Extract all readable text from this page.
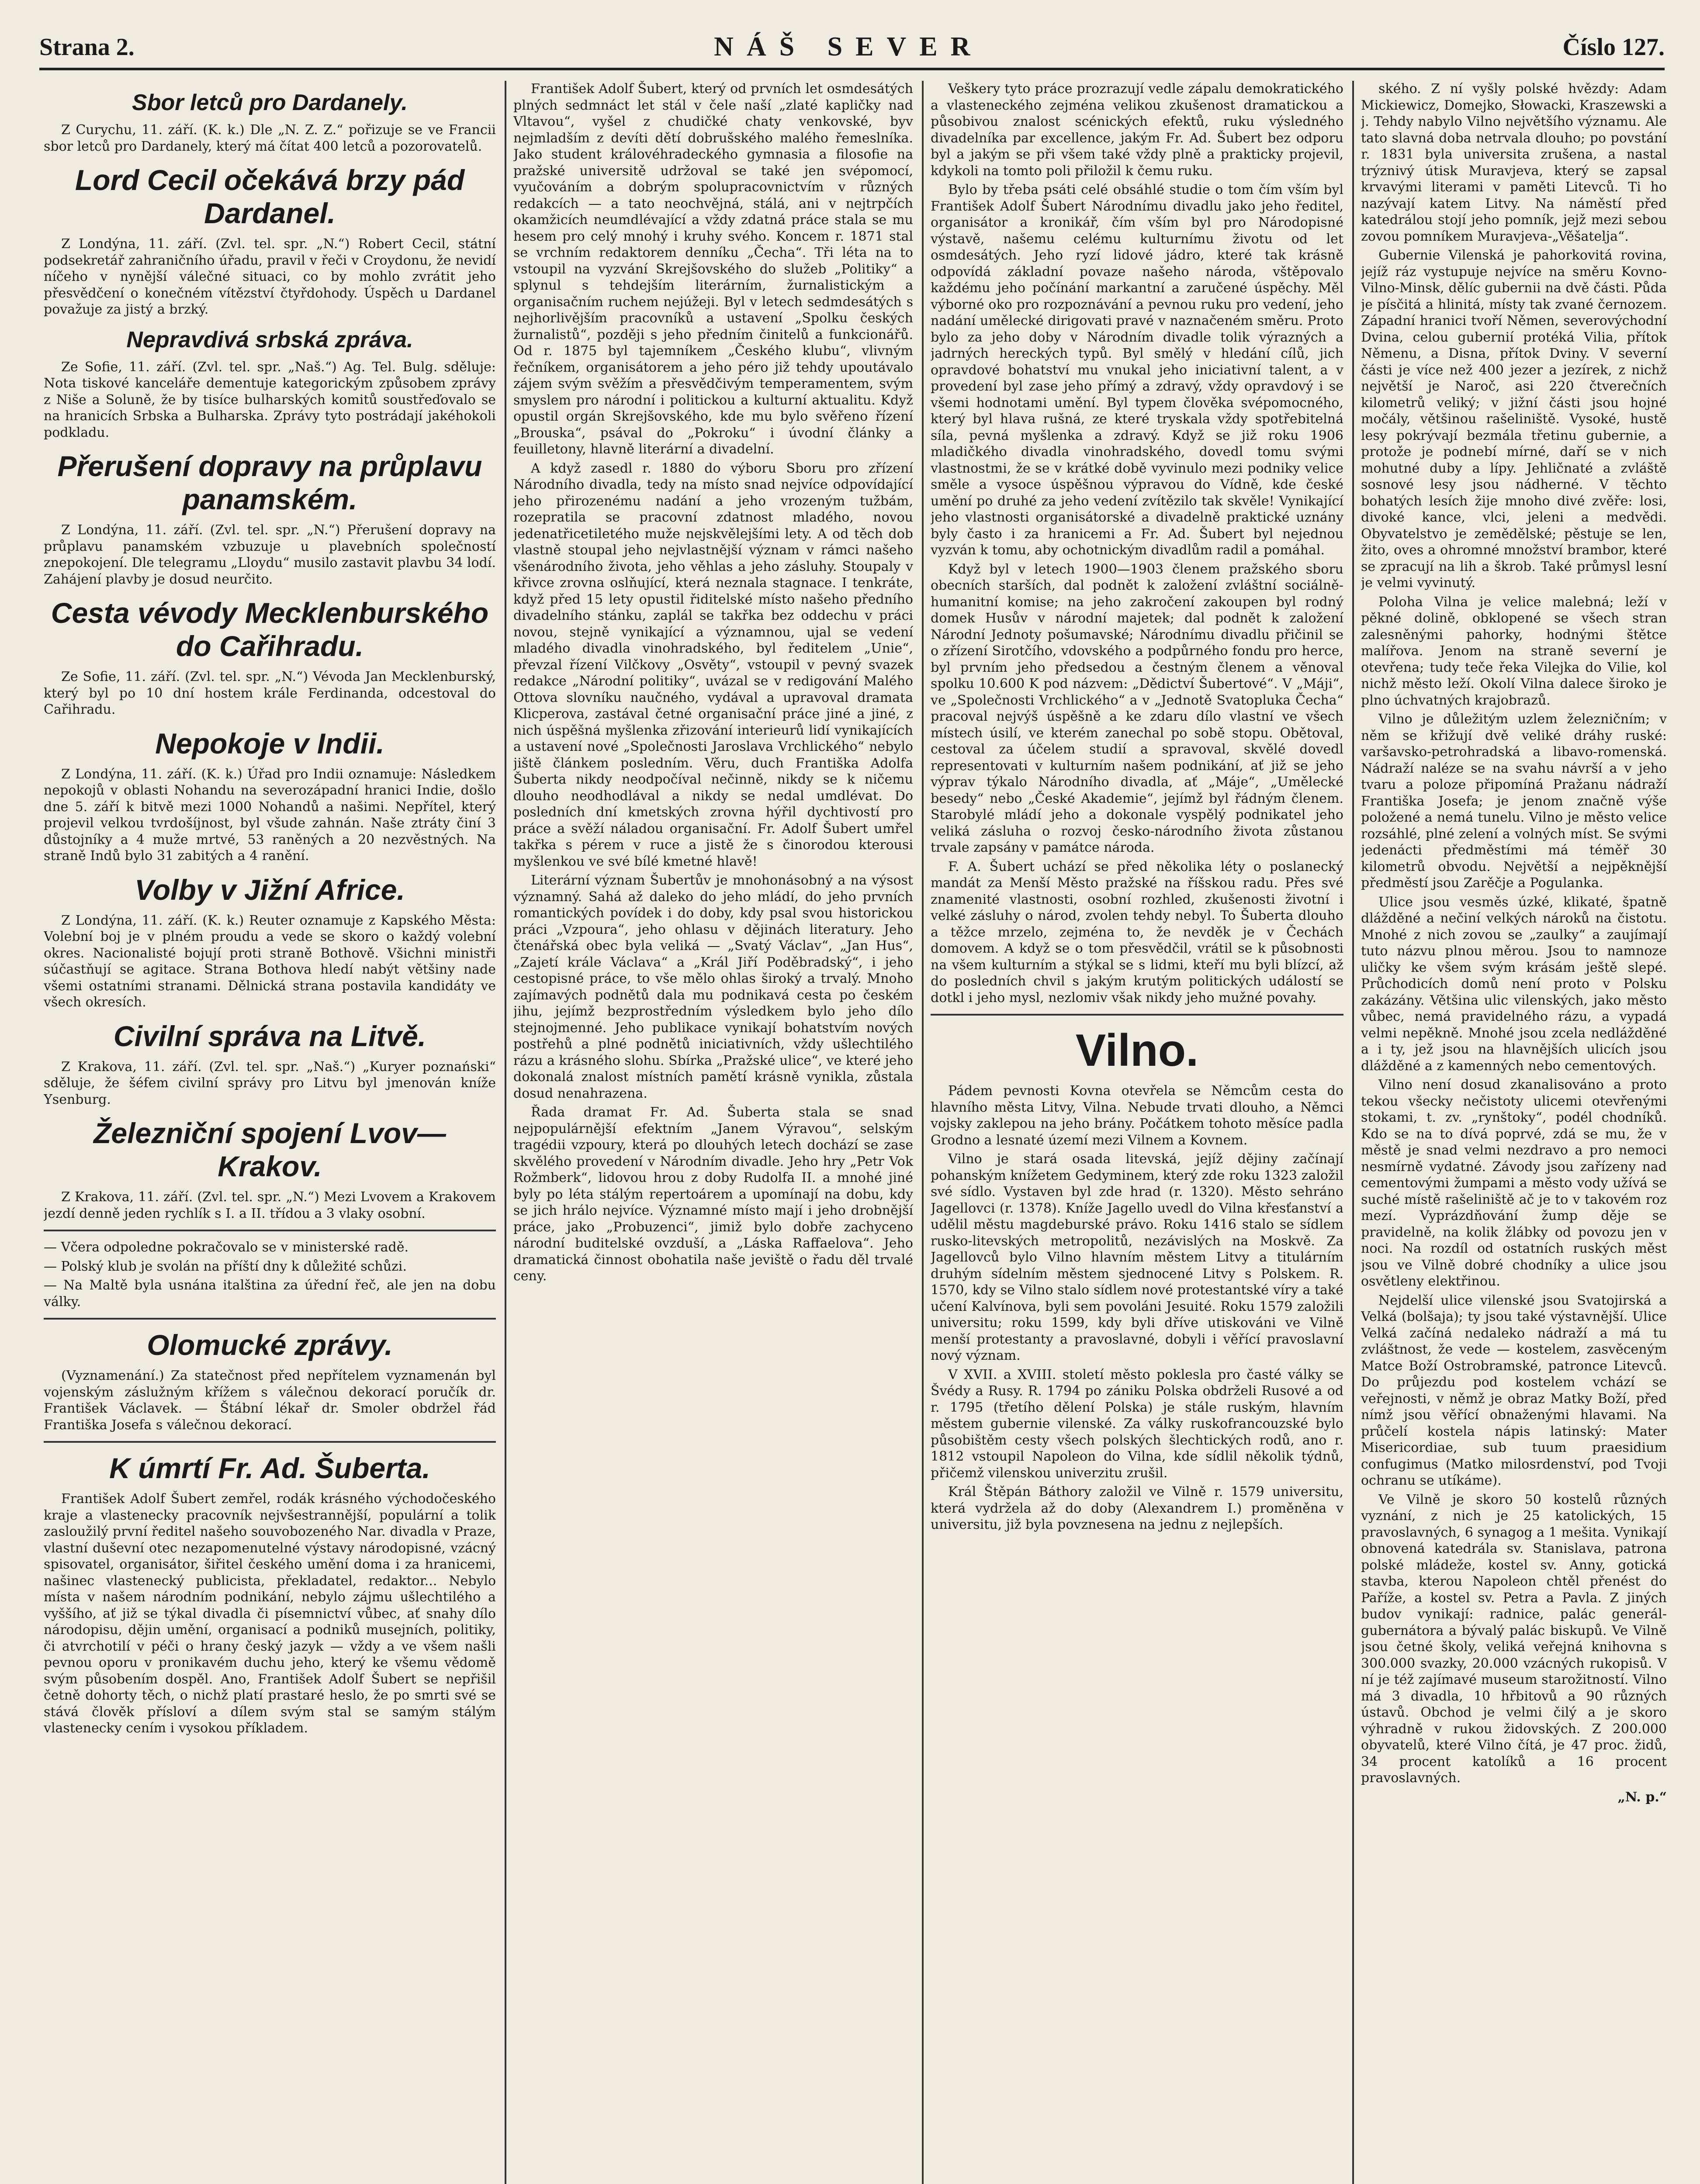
Strana 2.	NÁŠ SEVER	Číslo 127.
Sbor letců pro Dardanely.

Z Curychu, 11. září. (K. k.) Dle „N. Z. Z.“ pořizuje se ve Francii sbor letců pro Dardanely, který má čítat 400 letců a pozorovatelů.

Lord Cecil očekává brzy pád Dardanel.

Z Londýna, 11. září. (Zvl. tel. spr. „N.“) Robert Cecil, státní podsekretář zahraničního úřadu, pravil v řeči v Croydonu, že nevidí níčeho v nynější válečné situaci, co by mohlo zvrátit jeho přesvědčení o konečném vítězství čtyřdohody. Úspěch u Dardanel považuje za jistý a brzký.

Nepravdivá srbská zpráva.

Ze Sofie, 11. září. (Zvl. tel. spr. „Naš.“) Ag. Tel. Bulg. sděluje: Nota tiskové kanceláře dementuje kategorickým způsobem zprávy z Niše a Soluně, že by tisíce bulharských komitů soustřeďovalo se na hranicích Srbska a Bulharska. Zprávy tyto postrádají jakéhokoli podkladu.

Přerušení dopravy na průplavu panamském.

Z Londýna, 11. září. (Zvl. tel. spr. „N.“) Přerušení dopravy na průplavu panamském vzbuzuje u plavebních společností znepokojení. Dle telegramu „Lloydu“ musilo zastavit plavbu 34 lodí. Zahájení plavby je dosud neurčito.

Cesta vévody Mecklenburského do Cařihradu.

Ze Sofie, 11. září. (Zvl. tel. spr. „N.“) Vévoda Jan Mecklenburský, který byl po 10 dní hostem krále Ferdinanda, odcestoval do Cařihradu.

Nepokoje v Indii.

Z Londýna, 11. září. (K. k.) Úřad pro Indii oznamuje: Následkem nepokojů v oblasti Nohandu na severozápadní hranici Indie, došlo dne 5. září k bitvě mezi 1000 Nohandů a našimi. Nepřítel, který projevil velkou tvrdošíjnost, byl všude zahnán. Naše ztráty činí 3 důstojníky a 4 muže mrtvé, 53 raněných a 20 nezvěstných. Na straně Indů bylo 31 zabitých a 4 ranění.

Volby v Jižní Africe.

Z Londýna, 11. září. (K. k.) Reuter oznamuje z Kapského Města: Volební boj je v plném proudu a vede se skoro o každý volební okres. Nacionalisté bojují proti straně Bothově. Všichni ministři súčastňují se agitace. Strana Bothova hledí nabýt většiny nade všemi ostatními stranami. Dělnická strana postavila kandidáty ve všech okresích.

Civilní správa na Litvě.

Z Krakova, 11. září. (Zvl. tel. spr. „Naš.“) „Kuryer poznański“ sděluje, že šéfem civilní správy pro Litvu byl jmenován kníže Ysenburg.

Železniční spojení Lvov—Krakov.

Z Krakova, 11. září. (Zvl. tel. spr. „N.“) Mezi Lvovem a Krakovem jezdí denně jeden rychlík s I. a II. třídou a 3 vlaky osobní.

— Včera odpoledne pokračovalo se v ministerské radě.

— Polský klub je svolán na příští dny k důležité schůzi.

— Na Maltě byla usnána italština za úřední řeč, ale jen na dobu války.

Olomucké zprávy.

(Vyznamenání.) Za statečnost před nepřítelem vyznamenán byl vojenským záslužným křížem s válečnou dekorací poručík dr. František Václavek. — Štábní lékař dr. Smoler obdržel řád Františka Josefa s válečnou dekorací.

K úmrtí Fr. Ad. Šuberta.

František Adolf Šubert zemřel, rodák krásného východočeského kraje a vlastenecky pracovník nejvšestrannější, populární a tolik zasloužilý první ředitel našeho souvobozeného Nar. divadla v Praze, vlastní duševní otec nezapomenutelné výstavy národopisné, vzácný spisovatel, organisátor, šiřitel českého umění doma i za hranicemi, našinec vlastenecký publicista, překladatel, redaktor... Nebylo místa v našem národním podnikání, nebylo zájmu ušlechtilého a vyššího, ať již se týkal divadla či písemnictví vůbec, ať snahy dílo národopisu, dějin umění, organisací a podniků musejních, politiky, či atvrchotilí v péči o hrany český jazyk — vždy a ve všem našli pevnou oporu v pronikavém duchu jeho, který ke všemu vědomě svým působením dospěl. Ano, František Adolf Šubert se nepřišil četně dohorty těch, o nichž platí prastaré heslo, že po smrti své se stává člověk přísloví a dílem svým stal se samým stálým vlastenecky cením i vysokou příkladem.

František Adolf Šubert, který od prvních let osmdesátých plných sedmnáct let stál v čele naší „zlaté kapličky nad Vltavou“, vyšel z chudičké chaty venkovské, byv nejmladším z devíti dětí dobrušského malého řemeslníka. Jako student královéhradeckého gymnasia a filosofie na pražské universitě udržoval se také jen svépomocí, vyučováním a dobrým spolupracovnictvím v různých redakcích — a tato neochvějná, stálá, ani v nejtrpčích okamžicích neumdlévající a vždy zdatná práce stala se mu hesem pro celý mnohý i kruhy svého. Koncem r. 1871 stal se vrchním redaktorem denníku „Čecha“. Tři léta na to vstoupil na vyzvání Skrejšovského do služeb „Politiky“ a splynul s tehdejším literárním, žurnalistickým a organisačním ruchem nejúžeji. Byl v letech sedmdesátých s nejhorlivějším pracovníků a ustavení „Spolku českých žurnalistů“, později s jeho předním činitelů a funkcionářů. Od r. 1875 byl tajemníkem „Českého klubu“, vlivným řečníkem, organisátorem a jeho péro již tehdy upoutávalo zájem svým svěžím a přesvědčivým temperamentem, svým smyslem pro národní i politickou a kulturní aktualitu. Když opustil orgán Skrejšovského, kde mu bylo svěřeno řízení „Brouska“, psával do „Pokroku“ i úvodní články a feuilletony, hlavně literární a divadelní.

A když zasedl r. 1880 do výboru Sboru pro zřízení Národního divadla, tedy na místo snad nejvíce odpovídající jeho přirozenému nadání a jeho vrozeným tužbám, rozepratila se pracovní zdatnost mladého, novou jedenatřicetiletého muže nejskvělejšími lety. A od těch dob vlastně stoupal jeho nejvlastnější význam v rámci našeho všenárodního života, jeho věhlas a jeho zásluhy. Stoupaly v křivce zrovna oslňující, která neznala stagnace. I tenkráte, když před 15 lety opustil řiditelské místo našeho předního divadelního stánku, zaplál se takřka bez oddechu v práci novou, stejně vynikající a významnou, ujal se vedení mladého divadla vinohradského, byl ředitelem „Unie“, převzal řízení Vilčkovy „Osvěty“, vstoupil v pevný svazek redakce „Národní politiky“, uvázal se v redigování Malého Ottova slovníku naučného, vydával a upravoval dramata Klicperova, zastával četné organisační práce jiné a jiné, z nich úspěšná myšlenka zřizování interieurů lidí vynikajících a ustavení nové „Společnosti Jaroslava Vrchlického“ nebylo jiště článkem posledním. Věru, duch Františka Adolfa Šuberta nikdy neodpočíval nečinně, nikdy se k ničemu dlouho neodhodlával a nikdy se nedal umdlévat. Do posledních dní kmetských zrovna hýřil dychtivostí pro práce a svěží náladou organisační. Fr. Adolf Šubert umřel takřka s pérem v ruce a jistě že s činorodou kterousi myšlenkou ve své bílé kmetné hlavě!

Literární význam Šubertův je mnohonásobný a na výsost významný. Sahá až daleko do jeho mládí, do jeho prvních romantických povídek i do doby, kdy psal svou historickou práci „Vzpoura“, jeho ohlasu v dějinách literatury. Jeho čtenářská obec byla veliká — „Svatý Václav“, „Jan Hus“, „Zajetí krále Václava“ a „Král Jiří Poděbradský“, i jeho cestopisné práce, to vše mělo ohlas široký a trvalý. Mnoho zajímavých podnětů dala mu podnikavá cesta po českém jihu, jejímž bezprostředním výsledkem bylo jeho dílo stejnojmenné. Jeho publikace vynikají bohatstvím nových postřehů a plné podnětů iniciativních, vždy ušlechtilého rázu a krásného slohu. Sbírka „Pražské ulice“, ve které jeho dokonalá znalost místních pamětí krásně vynikla, zůstala dosud nenahrazena.

Řada dramat Fr. Ad. Šuberta stala se snad nejpopulárnější efektním „Janem Výravou“, selským tragédii vzpoury, která po dlouhých letech dochází se zase skvělého provedení v Národním divadle. Jeho hry „Petr Vok Rožmberk“, lidovou hrou z doby Rudolfa II. a mnohé jiné byly po léta stálým repertoárem a upomínají na dobu, kdy se jich hrálo nejvíce. Významné místo mají i jeho drobnější práce, jako „Probuzenci“, jimiž bylo dobře zachyceno národní buditelské ovzduší, a „Láska Raffaelova“. Jeho dramatická činnost obohatila naše jeviště o řadu děl trvalé ceny.

Veškery tyto práce prozrazují vedle zápalu demokratického a vlasteneckého zejména velikou zkušenost dramatickou a působivou znalost scénických efektů, ruku výsledného divadelníka par excellence, jakým Fr. Ad. Šubert bez odporu byl a jakým se při všem také vždy plně a prakticky projevil, kdykoli na tomto poli přiložil k čemu ruku.

Bylo by třeba psáti celé obsáhlé studie o tom čím vším byl František Adolf Šubert Národnímu divadlu jako jeho ředitel, organisátor a kronikář, čím vším byl pro Národopisné výstavě, našemu celému kulturnímu životu od let osmdesátých. Jeho ryzí lidové jádro, které tak krásně odpovídá základní povaze našeho národa, vštěpovalo každému jeho počínání markantní a zaručené úspěchy. Měl výborné oko pro rozpoznávání a pevnou ruku pro vedení, jeho nadání umělecké dirigovati pravé v naznačeném směru. Proto bylo za jeho doby v Národním divadle tolik výrazných a jadrných hereckých typů. Byl smělý v hledání cílů, jich opravdové bohatství mu vnukal jeho iniciativní talent, a v provedení byl zase jeho přímý a zdravý, vždy opravdový i se všemi hodnotami umění. Byl typem člověka svépomocného, který byl hlava rušná, ze které tryskala vždy spotřebitelná síla, pevná myšlenka a zdravý. Když se již roku 1906 mladičkého divadla vinohradského, dovedl tomu svými vlastnostmi, že se v krátké době vyvinulo mezi podniky velice směle a vysoce úspěšnou výpravou do Vídně, kde české umění po druhé za jeho vedení zvítězilo tak skvěle! Vynikající jeho vlastnosti organisátorské a divadelně praktické uznány byly často i za hranicemi a Fr. Ad. Šubert byl nejednou vyzván k tomu, aby ochotnickým divadlům radil a pomáhal.

Když byl v letech 1900—1903 členem pražského sboru obecních starších, dal podnět k založení zvláštní sociálně-humanitní komise; na jeho zakročení zakoupen byl rodný domek Husův v národní majetek; dal podnět k založení Národní Jednoty pošumavské; Národnímu divadlu přičinil se o zřízení Sirotčího, vdovského a podpůrného fondu pro herce, byl prvním jeho předsedou a čestným členem a věnoval spolku 10.600 K pod názvem: „Dědictví Šubertové“. V „Máji“, ve „Společnosti Vrchlického“ a v „Jednotě Svatopluka Čecha“ pracoval nejvýš úspěšně a ke zdaru dílo vlastní ve všech místech úsilí, ve kterém zanechal po sobě stopu. Obětoval, cestoval za účelem studií a spravoval, skvělé dovedl representovati v kulturním našem podnikání, ať již se jeho výprav týkalo Národního divadla, ať „Máje“, „Umělecké besedy“ nebo „České Akademie“, jejímž byl řádným členem. Starobylé mládí jeho a dokonale vyspělý podnikatel jeho veliká zásluha o rozvoj česko-národního života zůstanou trvale zapsány v památce národa.

F. A. Šubert uchází se před několika léty o poslanecký mandát za Menší Město pražské na říšskou radu. Přes své znamenité vlastnosti, osobní rozhled, zkušenosti životní i velké zásluhy o národ, zvolen tehdy nebyl. To Šuberta dlouho a těžce mrzelo, zejména to, že nevděk je v Čechách domovem. A když se o tom přesvědčil, vrátil se k působnosti na všem kulturním a stýkal se s lidmi, kteří mu byli blízcí, až do posledních chvil s jakým krutým politických událostí se dotkl i jeho mysl, nezlomiv však nikdy jeho mužné povahy.

Vilno.

Pádem pevnosti Kovna otevřela se Němcům cesta do hlavního města Litvy, Vilna. Nebude trvati dlouho, a Němci vojsky zaklepou na jeho brány. Počátkem tohoto měsíce padla Grodno a lesnaté území mezi Vilnem a Kovnem.

Vilno je stará osada litevská, jejíž dějiny začínají pohanským knížetem Gedyminem, který zde roku 1323 založil své sídlo. Vystaven byl zde hrad (r. 1320). Město sehráno Jagellovci (r. 1378). Kníže Jagello uvedl do Vilna křesťanství a udělil městu magdeburské právo. Roku 1416 stalo se sídlem rusko-litevských metropolitů, nezávislých na Moskvě. Za Jagellovců bylo Vilno hlavním městem Litvy a titulárním druhým sídelním městem sjednocené Litvy s Polskem. R. 1570, kdy se Vilno stalo sídlem nové protestantské víry a také učení Kalvínova, byli sem povoláni Jesuité. Roku 1579 založili universitu; roku 1599, kdy byli dříve utiskováni ve Vilně menší protestanty a pravoslavné, dobyli i věřící pravoslavní nový význam.

V XVII. a XVIII. století město poklesla pro časté války se Švédy a Rusy. R. 1794 po zániku Polska obdrželi Rusové a od r. 1795 (třetího dělení Polska) je stále ruským, hlavním městem gubernie vilenské. Za války ruskofrancouzské bylo působištěm cesty všech polských šlechtických rodů, ano r. 1812 vstoupil Napoleon do Vilna, kde sídlil několik týdnů, přičemž vilenskou univerzitu zrušil.

Král Štěpán Báthory založil ve Vilně r. 1579 universitu, která vydržela až do doby (Alexandrem I.) proměněna v universitu, již byla povznesena na jednu z nejlepších.

ského. Z ní vyšly polské hvězdy: Adam Mickiewicz, Domejko, Słowacki, Kraszewski a j. Tehdy nabylo Vilno největšího významu. Ale tato slavná doba netrvala dlouho; po povstání r. 1831 byla universita zrušena, a nastal trýznivý útisk Muravjeva, který se zapsal krvavými literami v paměti Litevců. Ti ho nazývají katem Litvy. Na náměstí před katedrálou stojí jeho pomník, jejž mezi sebou zovou pomníkem Muravjeva-„Věšatelja“.

Gubernie Vilenská je pahorkovitá rovina, jejíž ráz vystupuje nejvíce na směru Kovno-Vilno-Minsk, dělíc gubernii na dvě části. Půda je písčitá a hlinitá, místy tak zvané černozem. Západní hranici tvoří Němen, severovýchodní Dvina, celou gubernií protéká Vilia, přítok Němenu, a Disna, přítok Dviny. V severní části je více než 400 jezer a jezírek, z nichž největší je Naroč, asi 220 čtverečních kilometrů veliký; v jižní části jsou hojné močály, většinou rašeliniště. Vysoké, hustě lesy pokrývají bezmála třetinu gubernie, a protože je podnebí mírné, daří se v nich mohutné duby a lípy. Jehličnaté a zvláště sosnové lesy jsou nádherné. V těchto bohatých lesích žije mnoho divé zvěře: losi, divoké kance, vlci, jeleni a medvědi. Obyvatelstvo je zemědělské; pěstuje se len, žito, oves a ohromné množství brambor, které se zpracují na lih a škrob. Také průmysl lesní je velmi vyvinutý.

Poloha Vilna je velice malebná; leží v pěkné dolině, obklopené se všech stran zalesněnými pahorky, hodnými štětce malířova. Jenom na straně severní je otevřena; tudy teče řeka Vilejka do Vilie, kol nichž město leží. Okolí Vilna dalece široko je plno úchvatných krajobrazů.

Vilno je důležitým uzlem železničním; v něm se křižují dvě veliké dráhy ruské: varšavsko-petrohradská a libavo-romenská. Nádraží naléze se na svahu návrší a v jeho tvaru a poloze připomíná Pražanu nádraží Františka Josefa; je jenom značně výše položené a nemá tunelu. Vilno je město velice rozsáhlé, plné zelení a volných míst. Se svými jedenácti předměstími má téměř 30 kilometrů obvodu. Největší a nejpěknější předměstí jsou Zarěčje a Pogulanka.

Ulice jsou vesměs úzké, klikaté, špatně dlážděné a nečiní velkých nároků na čistotu. Mnohé z nich zovou se „zaulky“ a zaujímají tuto názvu plnou měrou. Jsou to namnoze uličky ke všem svým krásám ještě slepé. Průchodicích domů není proto v Polsku zakázány. Většina ulic vilenských, jako město vůbec, nemá pravidelného rázu, a vypadá velmi nepěkně. Mnohé jsou zcela nedlážděné a i ty, jež jsou na hlavnějších ulicích jsou dlážděné a z kamenných nebo cementových.

Vilno není dosud zkanalisováno a proto tekou všecky nečistoty ulicemi otevřenými stokami, t. zv. „rynštoky“, podél chodníků. Kdo se na to dívá poprvé, zdá se mu, že v městě je snad velmi nezdravo a pro nemoci nesmírně vydatné. Závody jsou zařízeny nad cementovými žumpami a město vody užívá se suché místě rašeliniště ač je to v takovém roz mezí. Vyprázdňování žump děje se pravidelně, na kolik žlábky od povozu jen v noci. Na rozdíl od ostatních ruských měst jsou ve Vilně dobré chodníky a ulice jsou osvětleny elektřinou.

Nejdelší ulice vilenské jsou Svatojirská a Velká (bolšaja); ty jsou také výstavnější. Ulice Velká začíná nedaleko nádraží a má tu zvláštnost, že vede — kostelem, zasvěceným Matce Boží Ostrobramské, patronce Litevců. Do průjezdu pod kostelem vchází se veřejnosti, v němž je obraz Matky Boží, před nímž jsou věřící obnaženými hlavami. Na průčelí kostela nápis latinský: Mater Misericordiae, sub tuum praesidium confugimus (Matko milosrdenství, pod Tvoji ochranu se utíkáme).

Ve Vilně je skoro 50 kostelů různých vyznání, z nich je 25 katolických, 15 pravoslavných, 6 synagog a 1 mešita. Vynikají obnovená katedrála sv. Stanislava, patrona polské mládeže, kostel sv. Anny, gotická stavba, kterou Napoleon chtěl přenést do Paříže, a kostel sv. Petra a Pavla. Z jiných budov vynikají: radnice, palác generál-gubernátora a bývalý palác biskupů. Ve Vilně jsou četné školy, veliká veřejná knihovna s 300.000 svazky, 20.000 vzácných rukopisů. V ní je též zajímavé museum starožitností. Vilno má 3 divadla, 10 hřbitovů a 90 různých ústavů. Obchod je velmi čilý a je skoro výhradně v rukou židovských. Z 200.000 obyvatelů, které Vilno čítá, je 47 proc. židů, 34 procent katolíků a 16 procent pravoslavných.

„N. p.“
